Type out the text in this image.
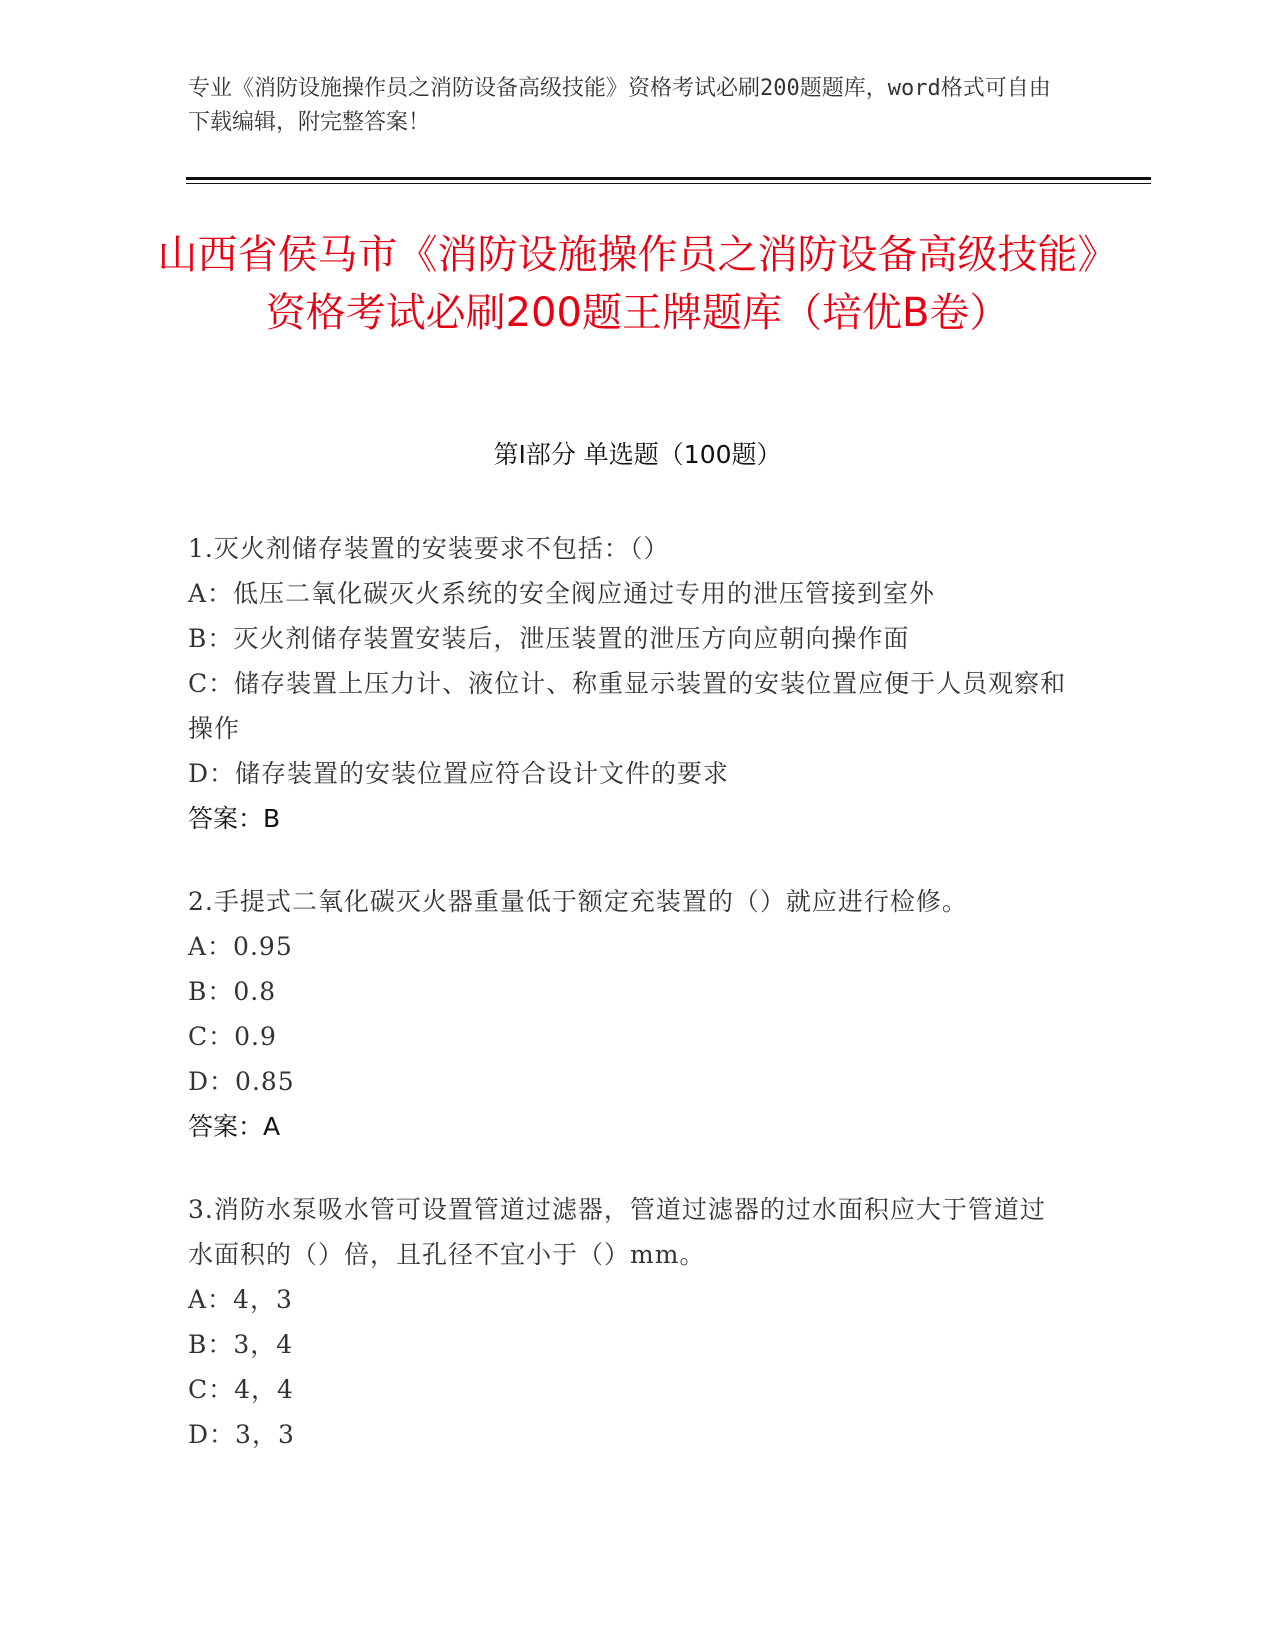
专业《消防设施操作员之消防设备高级技能》资格考试必刷200题题库，word格式可自由下载编辑，附完整答案！
山西省侯马市《消防设施操作员之消防设备高级技能》资格考试必刷200题王牌题库（培优B卷）
第I部分 单选题（100题）
1.灭火剂储存装置的安装要求不包括：（）
A：低压二氧化碳灭火系统的安全阀应通过专用的泄压管接到室外
B：灭火剂储存装置安装后，泄压装置的泄压方向应朝向操作面
C：储存装置上压力计、液位计、称重显示装置的安装位置应便于人员观察和操作
D：储存装置的安装位置应符合设计文件的要求
答案：B
2.手提式二氧化碳灭火器重量低于额定充装置的（）就应进行检修。
A：0.95
B：0.8
C：0.9
D：0.85
答案：A
3.消防水泵吸水管可设置管道过滤器，管道过滤器的过水面积应大于管道过水面积的（）倍，且孔径不宜小于（）mm。
A：4，3
B：3，4
C：4，4
D：3，3
